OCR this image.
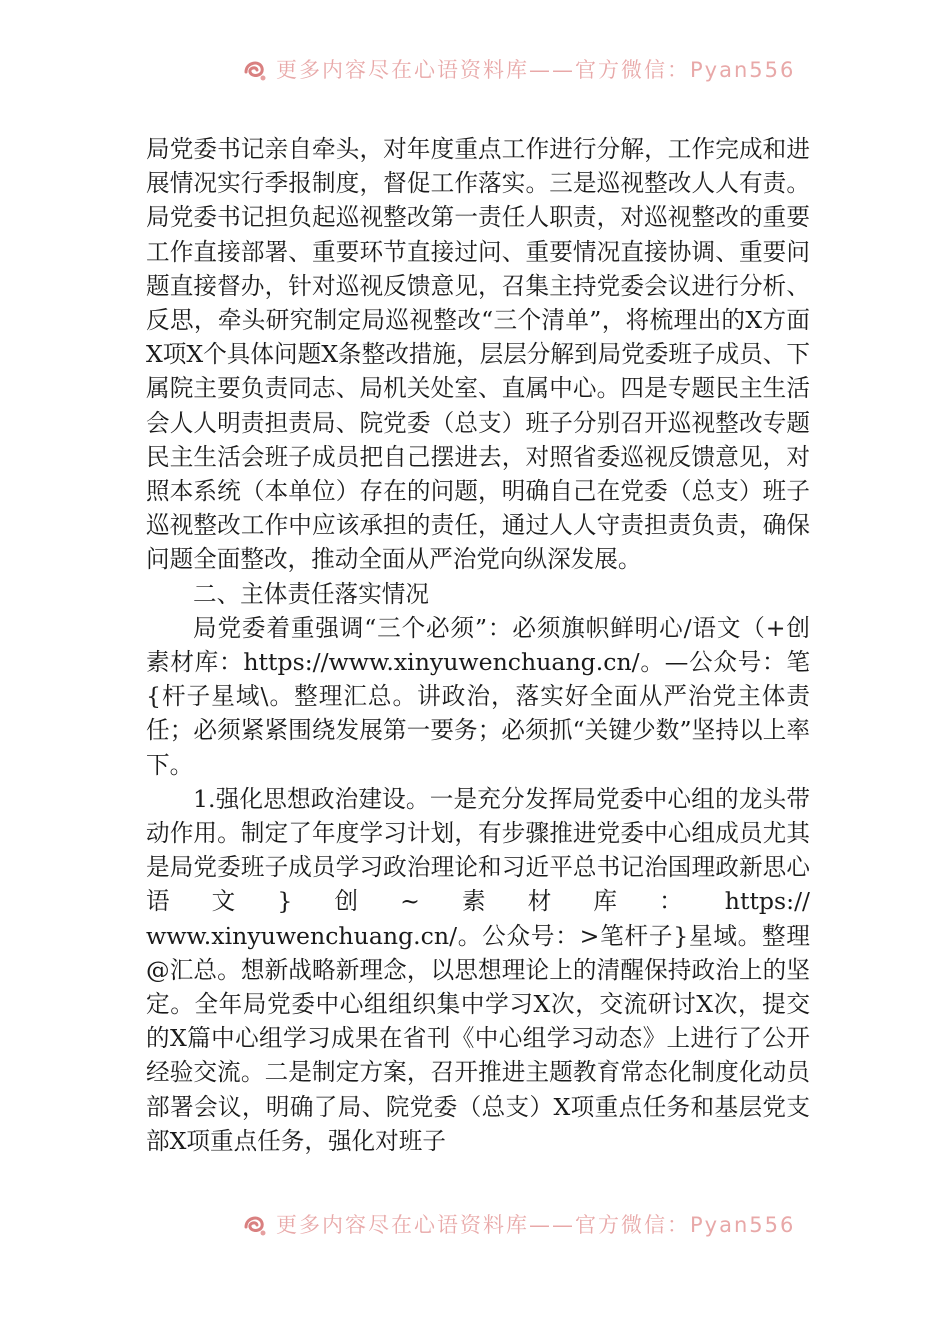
更多内容尽在心语资料库——官方微信：Pyan556

局党委书记亲自牵头，对年度重点工作进行分解，工作完成和进展情况实行季报制度，督促工作落实。三是巡视整改人人有责。局党委书记担负起巡视整改第一责任人职责，对巡视整改的重要工作直接部署、重要环节直接过问、重要情况直接协调、重要问题直接督办，针对巡视反馈意见，召集主持党委会议进行分析、反思，牵头研究制定局巡视整改“三个清单”，将梳理出的X方面X项X个具体问题X条整改措施，层层分解到局党委班子成员、下属院主要负责同志、局机关处室、直属中心。四是专题民主生活会人人明责担责局、院党委（总支）班子分别召开巡视整改专题民主生活会班子成员把自己摆进去，对照省委巡视反馈意见，对照本系统（本单位）存在的问题，明确自己在党委（总支）班子巡视整改工作中应该承担的责任，通过人人守责担责负责，确保问题全面整改，推动全面从严治党向纵深发展。

二、主体责任落实情况

局党委着重强调“三个必须”：必须旗帜鲜明心/语文（+创素材库：https://www.xinyuwenchuang.cn/。—公众号：笔{杆子星域\。整理汇总。讲政治，落实好全面从严治党主体责任；必须紧紧围绕发展第一要务；必须抓“关键少数”坚持以上率下。

1.强化思想政治建设。一是充分发挥局党委中心组的龙头带动作用。制定了年度学习计划，有步骤推进党委中心组成员尤其是局党委班子成员学习政治理论和习近平总书记治国理政新思心语文}创~素材库：https://

www.xinyuwenchuang.cn/。公众号：>笔杆子}星域。整理@汇总。想新战略新理念，以思想理论上的清醒保持政治上的坚定。全年局党委中心组组织集中学习X次，交流研讨X次，提交的X篇中心组学习成果在省刊《中心组学习动态》上进行了公开经验交流。二是制定方案，召开推进主题教育常态化制度化动员部署会议，明确了局、院党委（总支）X项重点任务和基层党支部X项重点任务，强化对班子

更多内容尽在心语资料库——官方微信：Pyan556
